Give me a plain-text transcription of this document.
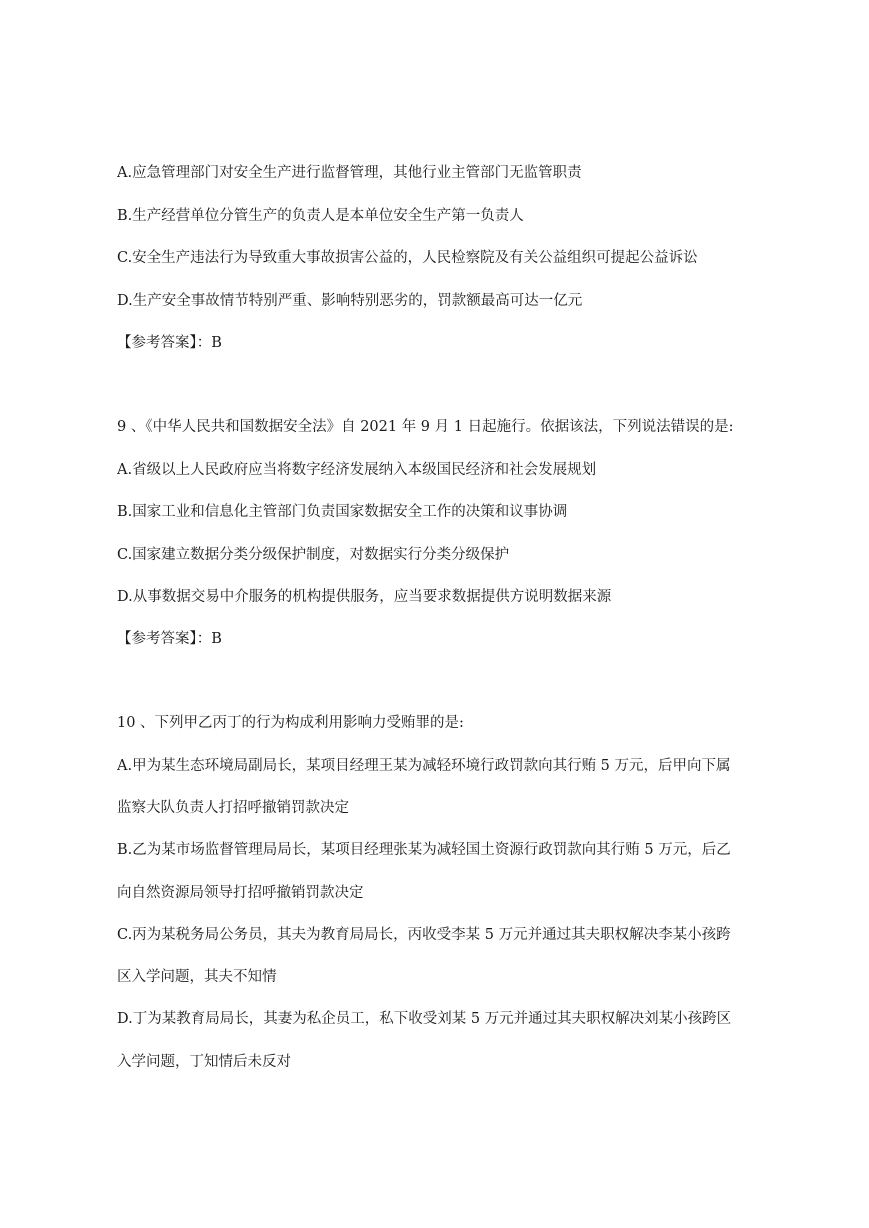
A.应急管理部门对安全生产进行监督管理，其他行业主管部门无监管职责
B.生产经营单位分管生产的负责人是本单位安全生产第一负责人
C.安全生产违法行为导致重大事故损害公益的，人民检察院及有关公益组织可提起公益诉讼
D.生产安全事故情节特别严重、影响特别恶劣的，罚款额最高可达一亿元
【参考答案】：B
9 、《中华人民共和国数据安全法》自 2021 年 9 月 1 日起施行。依据该法，下列说法错误的是:
A.省级以上人民政府应当将数字经济发展纳入本级国民经济和社会发展规划
B.国家工业和信息化主管部门负责国家数据安全工作的决策和议事协调
C.国家建立数据分类分级保护制度，对数据实行分类分级保护
D.从事数据交易中介服务的机构提供服务，应当要求数据提供方说明数据来源
【参考答案】：B
10 、下列甲乙丙丁的行为构成利用影响力受贿罪的是:
A.甲为某生态环境局副局长，某项目经理王某为减轻环境行政罚款向其行贿 5 万元，后甲向下属
监察大队负责人打招呼撤销罚款决定
B.乙为某市场监督管理局局长，某项目经理张某为减轻国土资源行政罚款向其行贿 5 万元，后乙
向自然资源局领导打招呼撤销罚款决定
C.丙为某税务局公务员，其夫为教育局局长，丙收受李某 5 万元并通过其夫职权解决李某小孩跨
区入学问题，其夫不知情
D.丁为某教育局局长，其妻为私企员工，私下收受刘某 5 万元并通过其夫职权解决刘某小孩跨区
入学问题，丁知情后未反对
